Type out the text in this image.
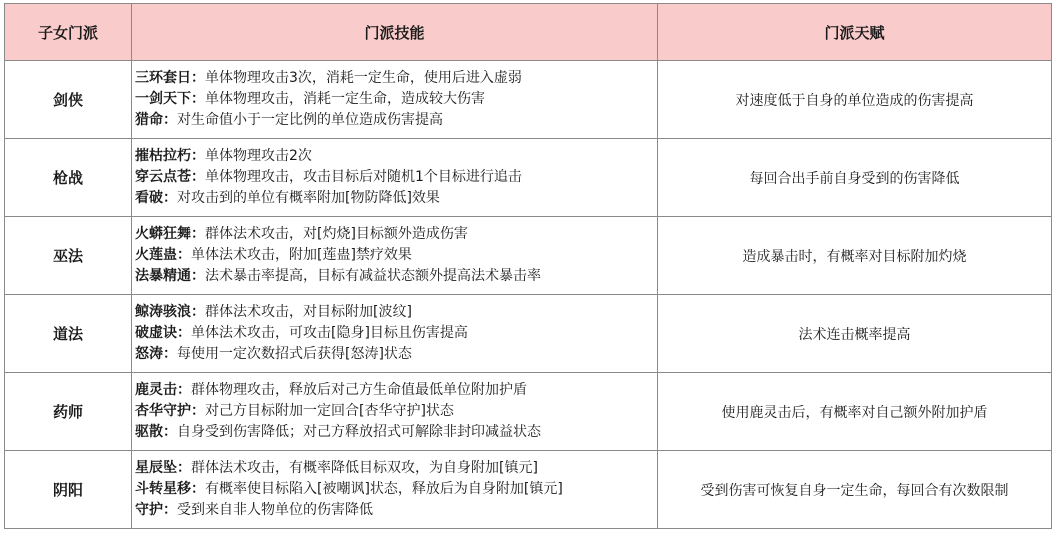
子女门派	门派技能	门派天赋
剑侠	三环套日：单体物理攻击3次，消耗一定生命，使用后进入虚弱
一剑天下：单体物理攻击，消耗一定生命，造成较大伤害
猎命：对生命值小于一定比例的单位造成伤害提高	对速度低于自身的单位造成的伤害提高
枪战	摧枯拉朽：单体物理攻击2次
穿云点苍：单体物理攻击，攻击目标后对随机1个目标进行追击
看破：对攻击到的单位有概率附加[物防降低]效果	每回合出手前自身受到的伤害降低
巫法	火蟒狂舞：群体法术攻击，对[灼烧]目标额外造成伤害
火莲蛊：单体法术攻击，附加[莲蛊]禁疗效果
法暴精通：法术暴击率提高，目标有减益状态额外提高法术暴击率	造成暴击时，有概率对目标附加灼烧
道法	鲸涛骇浪：群体法术攻击，对目标附加[波纹]
破虚诀：单体法术攻击，可攻击[隐身]目标且伤害提高
怒涛：每使用一定次数招式后获得[怒涛]状态	法术连击概率提高
药师	鹿灵击：群体物理攻击，释放后对己方生命值最低单位附加护盾
杏华守护：对己方目标附加一定回合[杏华守护]状态
驱散：自身受到伤害降低；对己方释放招式可解除非封印减益状态	使用鹿灵击后，有概率对自己额外附加护盾
阴阳	星辰坠：群体法术攻击，有概率降低目标双攻，为自身附加[镇元]
斗转星移：有概率使目标陷入[被嘲讽]状态，释放后为自身附加[镇元]
守护：受到来自非人物单位的伤害降低	受到伤害可恢复自身一定生命，每回合有次数限制
